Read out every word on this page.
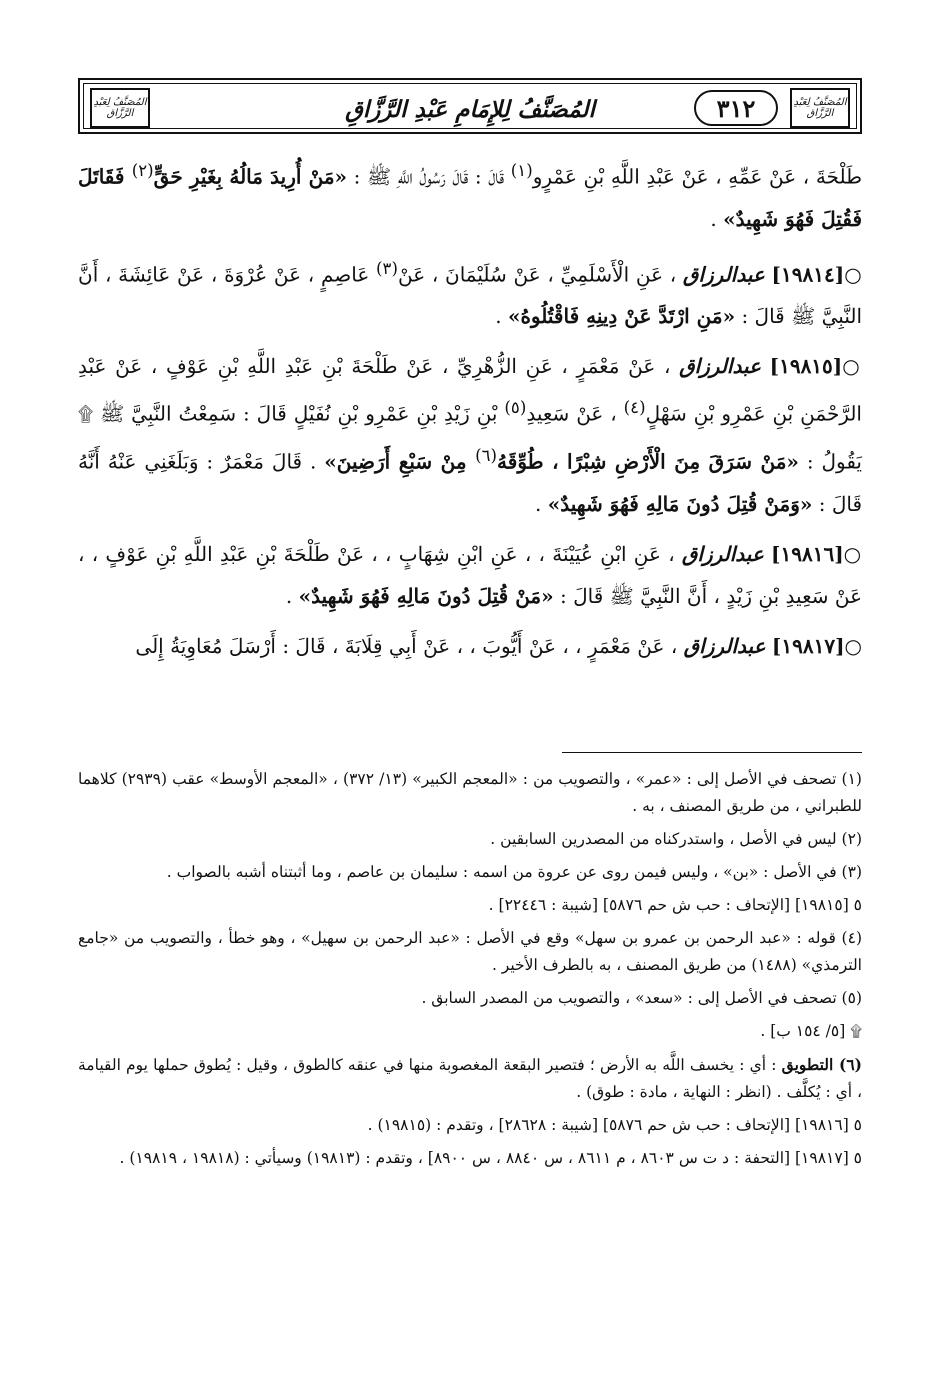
المُصَنَّفُ لِعَبْدِ الرَّزَّاق	المُصَنَّفُ لِلإِمَامِ عَبْدِ الرَّزَّاقِ	٣١٢	المُصَنَّفُ لِعَبْدِ الرَّزَّاق

طَلْحَةَ ، عَنْ عَمِّهِ ، عَنْ عَبْدِ اللَّهِ بْنِ عَمْرٍو$^{(١)}$ قَالَ : قَالَ رَسُولُ اللَّهِ ﷺ : «مَنْ أُرِيدَ مَالُهُ بِغَيْرِ حَقٍّ$^{(٢)}$ فَقَاتَلَ فَقُتِلَ فَهُوَ شَهِيدٌ» .

○[١٩٨١٤] عبدالرزاق ، عَنِ الْأَسْلَمِيِّ ، عَنْ سُلَيْمَانَ ، عَنْ$^{(٣)}$ عَاصِمٍ ، عَنْ عُرْوَةَ ، عَنْ عَائِشَةَ ، أَنَّ النَّبِيَّ ﷺ قَالَ : «مَنِ ارْتَدَّ عَنْ دِينِهِ فَاقْتُلُوهُ» .

○[١٩٨١٥] عبدالرزاق ، عَنْ مَعْمَرٍ ، عَنِ الزُّهْرِيِّ ، عَنْ طَلْحَةَ بْنِ عَبْدِ اللَّهِ بْنِ عَوْفٍ ، عَنْ عَبْدِ الرَّحْمَنِ بْنِ عَمْرِو بْنِ سَهْلٍ$^{(٤)}$ ، عَنْ سَعِيدِ$^{(٥)}$ بْنِ زَيْدِ بْنِ عَمْرِو بْنِ نُفَيْلٍ قَالَ : سَمِعْتُ النَّبِيَّ ﷺ ۩ يَقُولُ : «مَنْ سَرَقَ مِنَ الْأَرْضِ شِبْرًا ، طُوِّقَهُ$^{(٦)}$ مِنْ سَبْعِ أَرَضِينَ» . قَالَ مَعْمَرٌ : وَبَلَغَنِي عَنْهُ أَنَّهُ قَالَ : «وَمَنْ قُتِلَ دُونَ مَالِهِ فَهُوَ شَهِيدٌ» .

○[١٩٨١٦] عبدالرزاق ، عَنِ ابْنِ عُيَيْنَةَ ، ، عَنِ ابْنِ شِهَابٍ ، ، عَنْ طَلْحَةَ بْنِ عَبْدِ اللَّهِ بْنِ عَوْفٍ ، ، عَنْ سَعِيدِ بْنِ زَيْدٍ ، أَنَّ النَّبِيَّ ﷺ قَالَ : «مَنْ قُتِلَ دُونَ مَالِهِ فَهُوَ شَهِيدٌ» .

○[١٩٨١٧] عبدالرزاق ، عَنْ مَعْمَرٍ ، ، عَنْ أَيُّوبَ ، ، عَنْ أَبِي قِلَابَةَ ، قَالَ : أَرْسَلَ مُعَاوِيَةُ إِلَى

(١) تصحف في الأصل إلى : «عمر» ، والتصويب من : «المعجم الكبير» (١٣/ ٣٧٢) ، «المعجم الأوسط» عقب (٢٩٣٩) كلاهما للطبراني ، من طريق المصنف ، به .

(٢) ليس في الأصل ، واستدركناه من المصدرين السابقين .

(٣) في الأصل : «بن» ، وليس فيمن روى عن عروة من اسمه : سليمان بن عاصم ، وما أثبتناه أشبه بالصواب .

٥ [١٩٨١٥] [الإتحاف : حب ش حم ٥٨٧٦] [شيبة : ٢٢٤٤٦] .

(٤) قوله : «عبد الرحمن بن عمرو بن سهل» وقع في الأصل : «عبد الرحمن بن سهيل» ، وهو خطأ ، والتصويب من «جامع الترمذي» (١٤٨٨) من طريق المصنف ، به بالطرف الأخير .

(٥) تصحف في الأصل إلى : «سعد» ، والتصويب من المصدر السابق .

۩ [٥/ ١٥٤ ب] .

(٦) التطويق : أي : يخسف اللَّه به الأرض ؛ فتصير البقعة المغصوبة منها في عنقه كالطوق ، وقيل : يُطوق حملها يوم القيامة ، أي : يُكلَّف . (انظر : النهاية ، مادة : طوق) .

٥ [١٩٨١٦] [الإتحاف : حب ش حم ٥٨٧٦] [شيبة : ٢٨٦٢٨] ، وتقدم : (١٩٨١٥) .

٥ [١٩٨١٧] [التحفة : د ت س ٨٦٠٣ ، م ٨٦١١ ، س ٨٨٤٠ ، س ٨٩٠٠] ، وتقدم : (١٩٨١٣) وسيأتي : (١٩٨١٨ ، ١٩٨١٩) .
